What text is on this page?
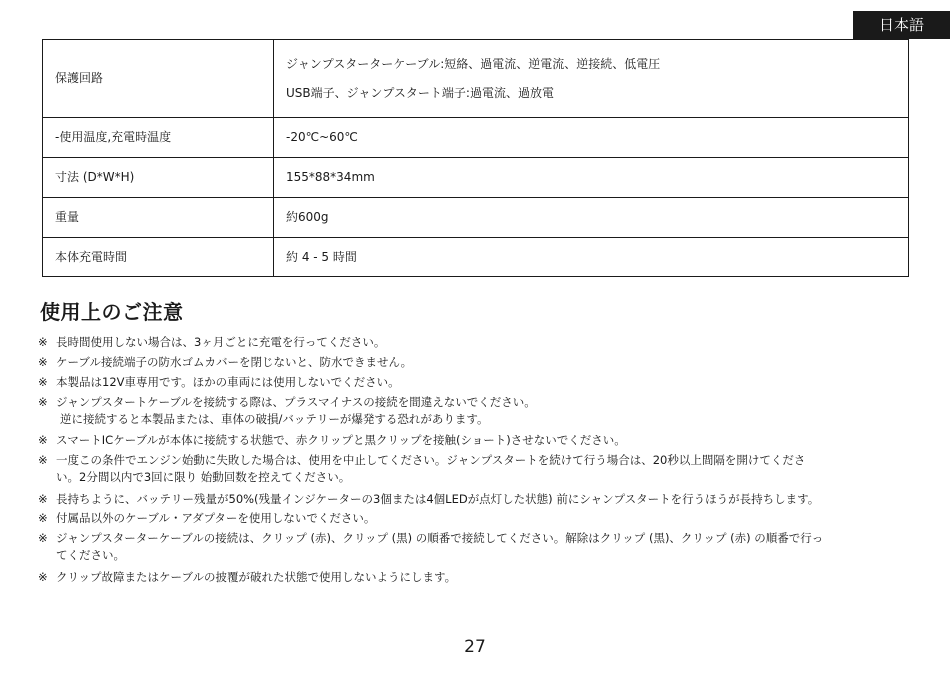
日本語
保護回路	ジャンプスターターケーブル:短絡、過電流、逆電流、逆接続、低電圧
USB端子、ジャンプスタート端子:過電流、過放電

-使用温度,充電時温度	-20℃~60℃
寸法 (D*W*H)	155*88*34mm
重量	約600g
本体充電時間	約 4 - 5 時間
使用上のご注意
※ 長時間使用しない場合は、3ヶ月ごとに充電を行ってください。
※ ケーブル接続端子の防水ゴムカバーを閉じないと、防水できません。
※ 本製品は12V車専用です。ほかの車両には使用しないでください。
※ ジャンプスタートケーブルを接続する際は、プラスマイナスの接続を間違えないでください。
逆に接続すると本製品または、車体の破損/バッテリーが爆発する恐れがあります。
※ スマートICケーブルが本体に接続する状態で、赤クリップと黒クリップを接触(ショート)させないでください。
※ 一度この条件でエンジン始動に失敗した場合は、使用を中止してください。ジャンプスタートを続けて行う場合は、20秒以上間隔を開けてくださ
い。2分間以内で3回に限り 始動回数を控えてください。
※ 長持ちように、バッテリー残量が50%(残量インジケーターの3個または4個LEDが点灯した状態) 前にシャンプスタートを行うほうが長持ちします。
※ 付属品以外のケーブル・アダプターを使用しないでください。
※ ジャンプスターターケーブルの接続は、クリップ (赤)、クリップ (黒) の順番で接続してください。解除はクリップ (黒)、クリップ (赤) の順番で行っ
てください。
※ クリップ故障またはケーブルの披覆が破れた状態で使用しないようにします。
27
